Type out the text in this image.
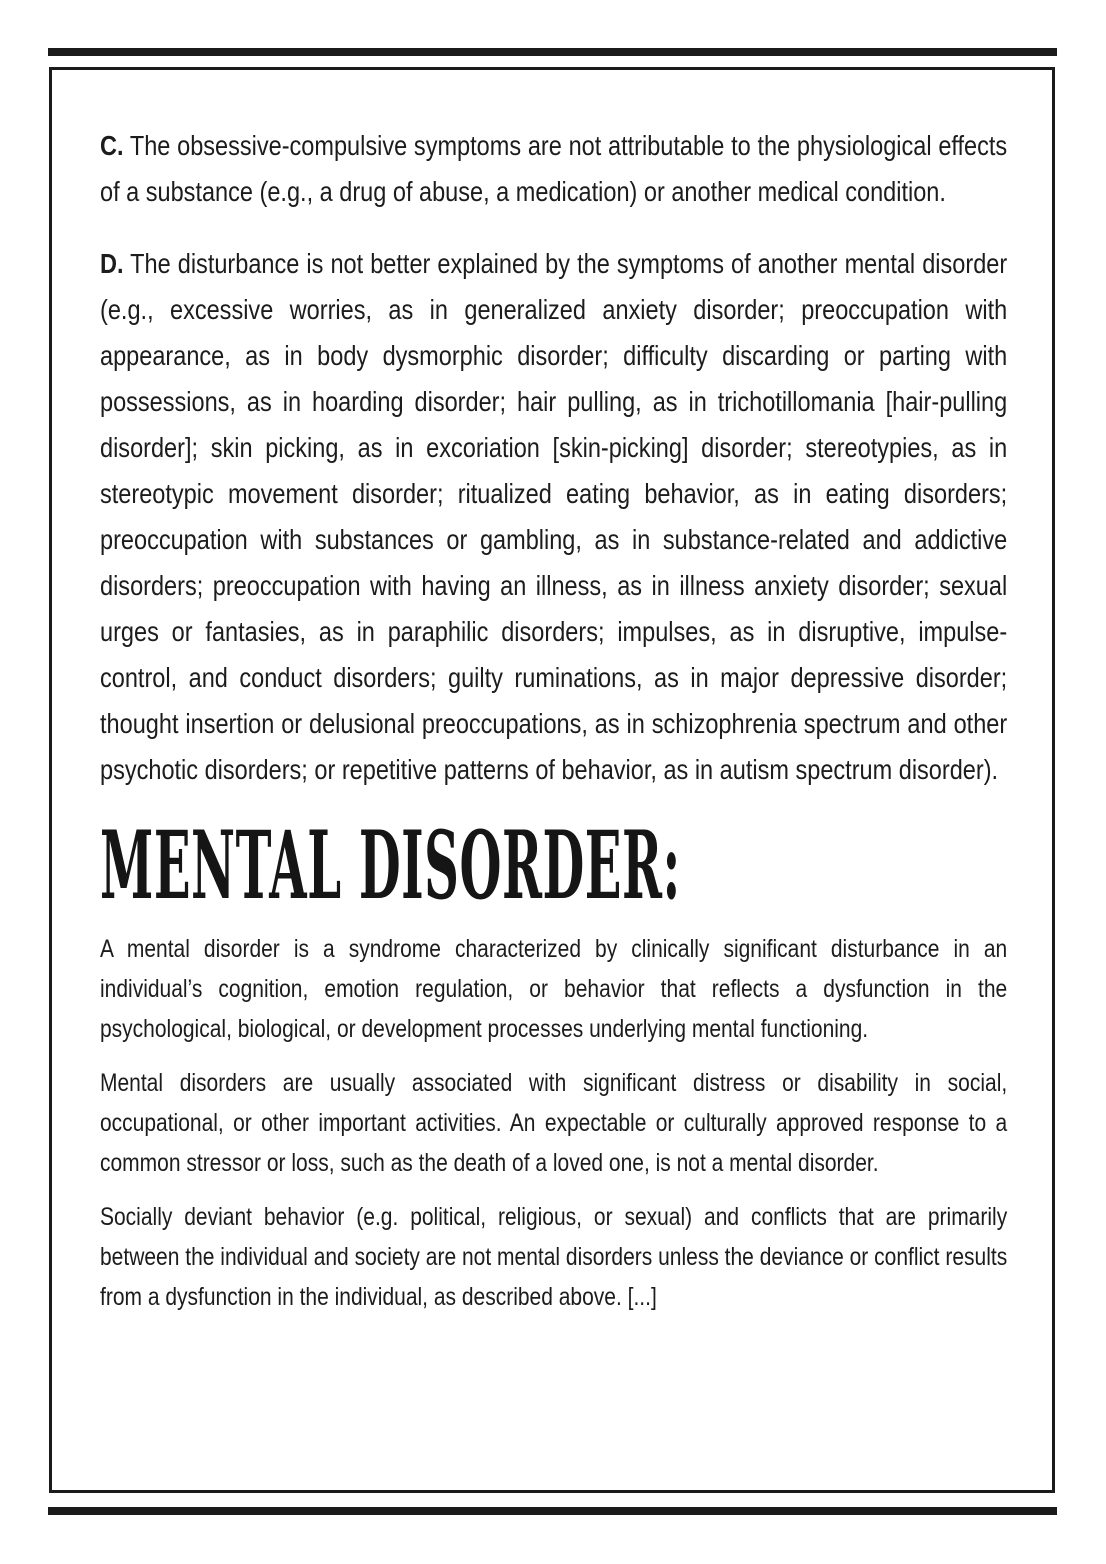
C. The obsessive-compulsive symptoms are not attributable to the physiological effects of a substance (e.g., a drug of abuse, a medication) or another medical condition.

D. The disturbance is not better explained by the symptoms of another mental disorder (e.g., excessive worries, as in generalized anxiety disorder; preoccupation with appearance, as in body dysmorphic disorder; difficulty discarding or parting with possessions, as in hoarding disorder; hair pulling, as in trichotillomania [hair-pulling disorder]; skin picking, as in excoriation [skin-picking] disorder; stereotypies, as in stereotypic movement disorder; ritualized eating behavior, as in eating disorders; preoccupation with substances or gambling, as in substance-related and addictive disorders; preoccupation with having an illness, as in illness anxiety disorder; sexual urges or fantasies, as in paraphilic disorders; impulses, as in disruptive, impulse-control, and conduct disorders; guilty ruminations, as in major depressive disorder; thought insertion or delusional preoccupations, as in schizophrenia spectrum and other psychotic disorders; or repetitive patterns of behavior, as in autism spectrum disorder).

MENTAL DISORDER:

A mental disorder is a syndrome characterized by clinically significant disturbance in an individual’s cognition, emotion regulation, or behavior that reflects a dysfunction in the psychological, biological, or development processes underlying mental functioning.

Mental disorders are usually associated with significant distress or disability in social, occupational, or other important activities. An expectable or culturally approved response to a common stressor or loss, such as the death of a loved one, is not a mental disorder.

Socially deviant behavior (e.g. political, religious, or sexual) and conflicts that are primarily between the individual and society are not mental disorders unless the deviance or conflict results from a dysfunction in the individual, as described above. [...]
